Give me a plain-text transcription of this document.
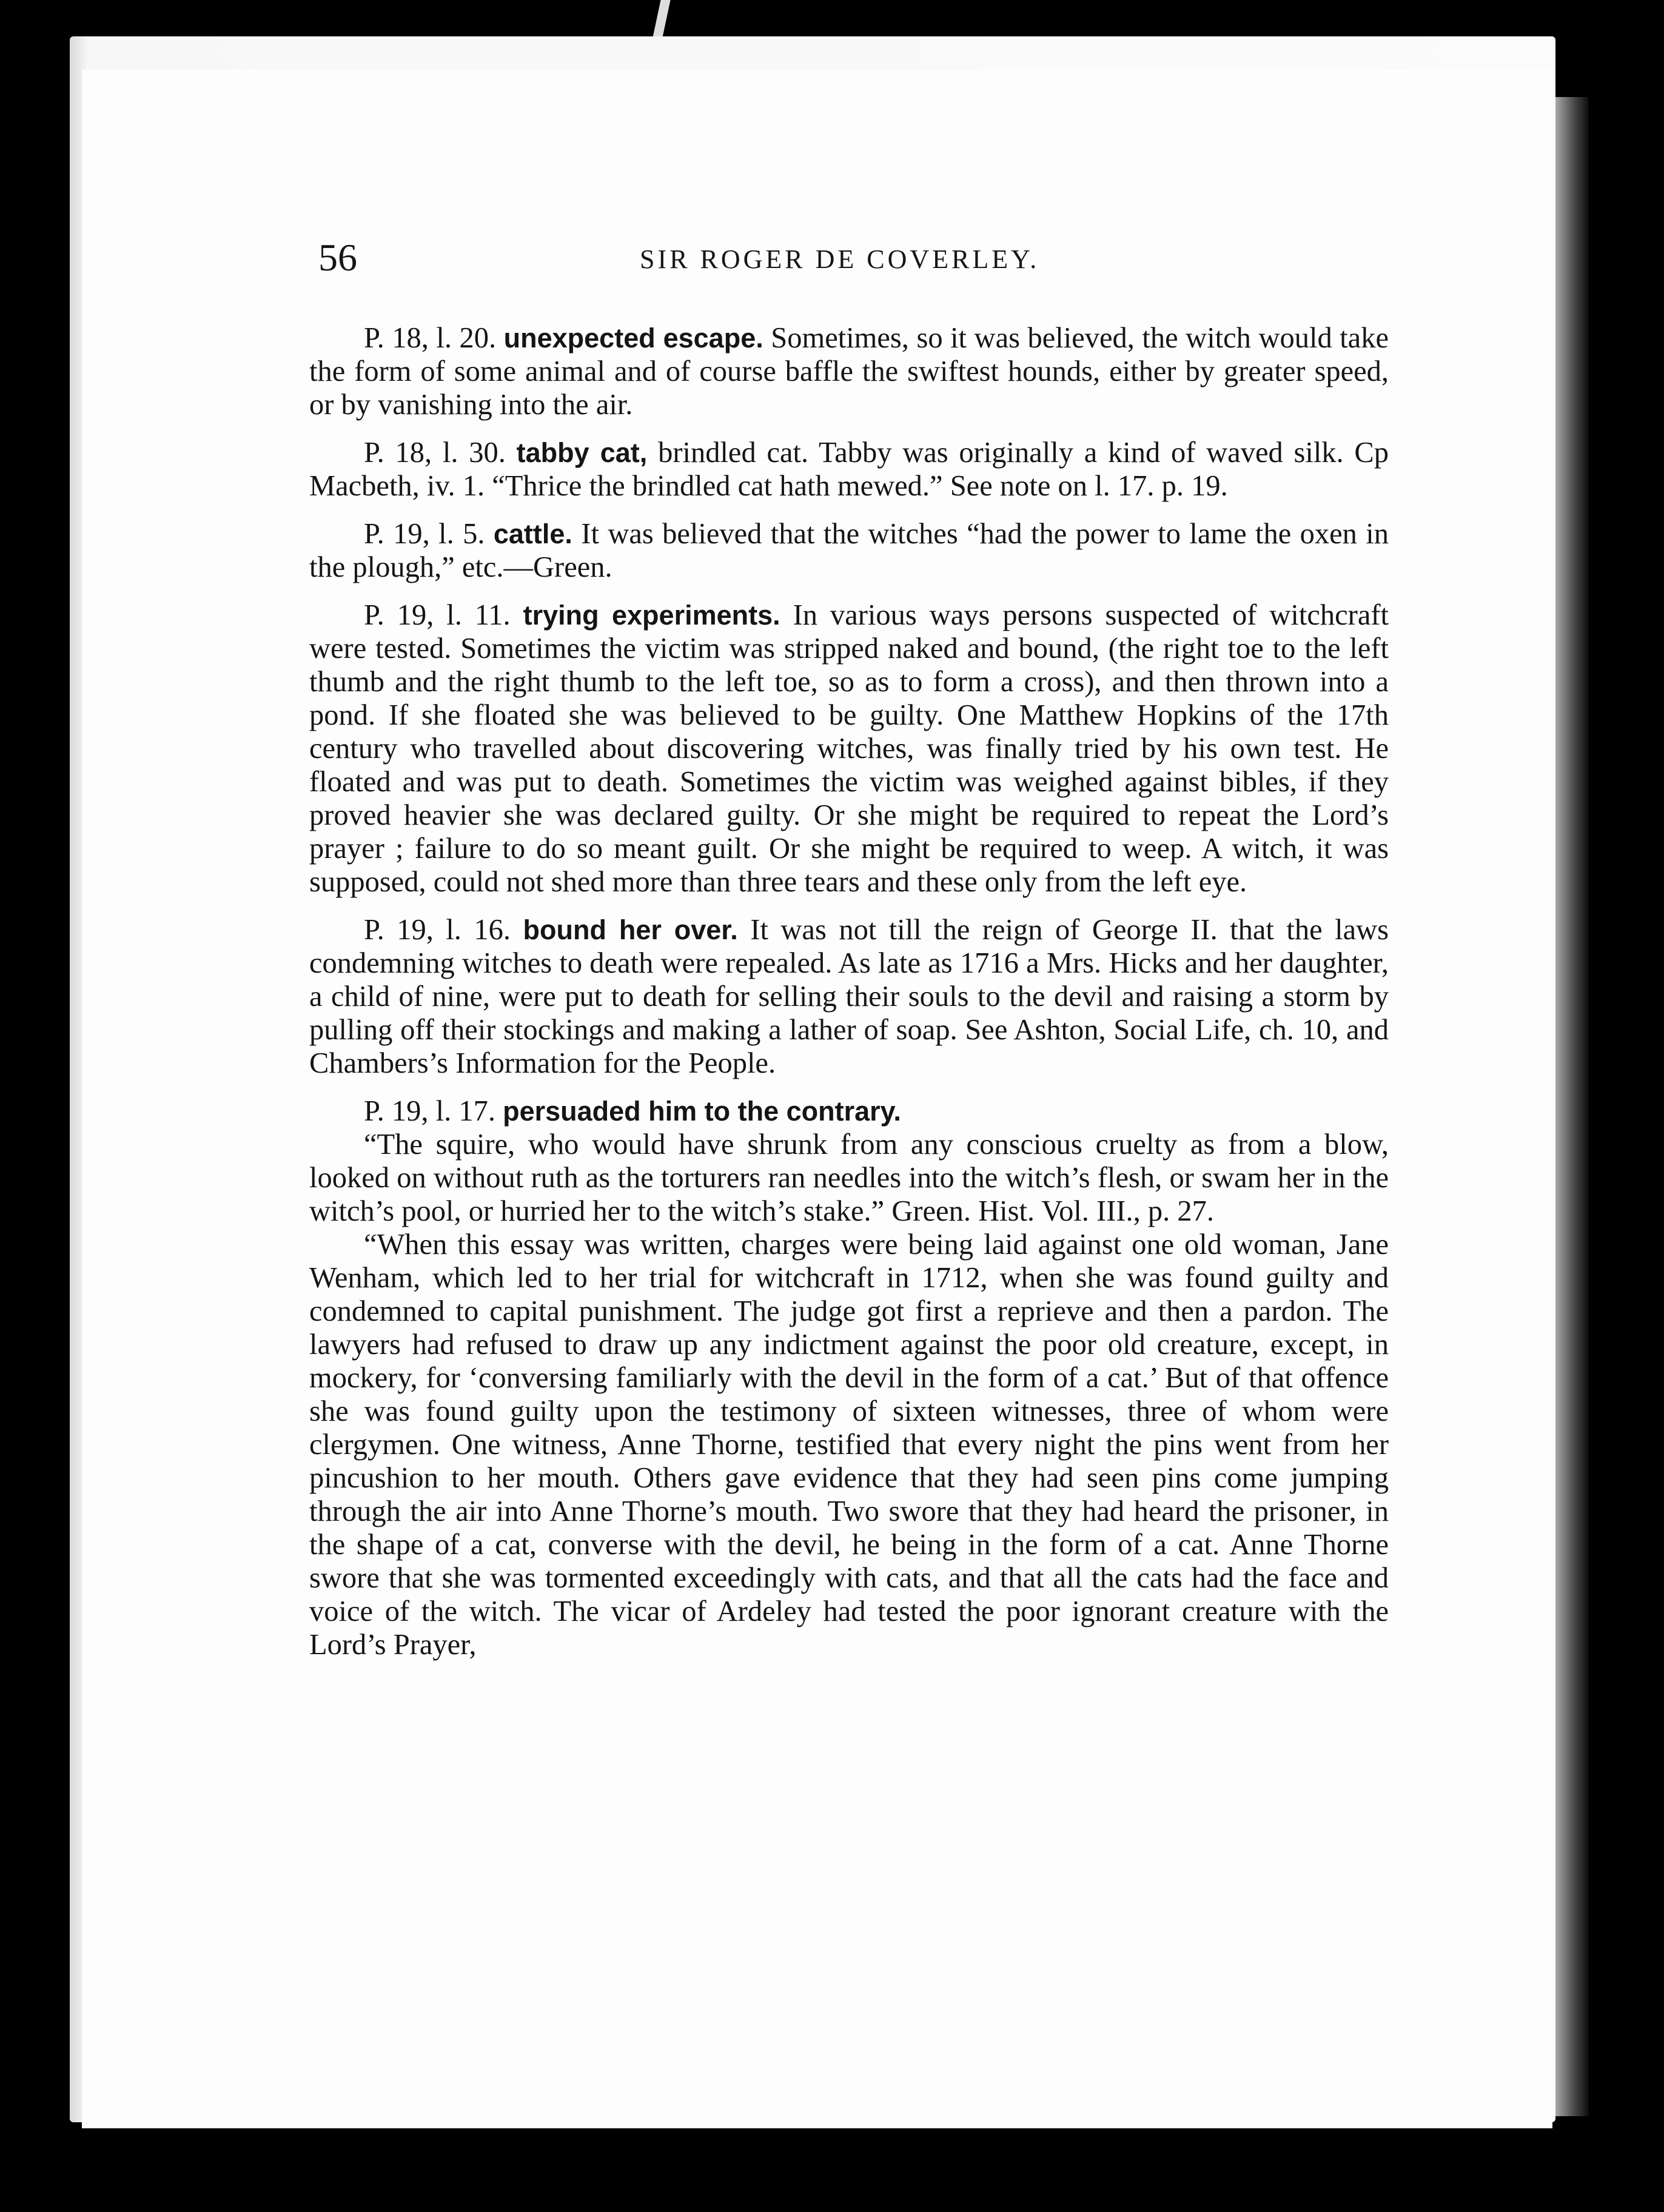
56	SIR ROGER DE COVERLEY.

P. 18, l. 20. unexpected escape. Sometimes, so it was believed, the witch would take the form of some animal and of course baffle the swiftest hounds, either by greater speed, or by vanishing into the air.

P. 18, l. 30. tabby cat, brindled cat. Tabby was originally a kind of waved silk. Cp Macbeth, iv. 1. “Thrice the brindled cat hath mewed.” See note on l. 17. p. 19.

P. 19, l. 5. cattle. It was believed that the witches “had the power to lame the oxen in the plough,” etc.—Green.

P. 19, l. 11. trying experiments. In various ways persons suspected of witchcraft were tested. Sometimes the victim was stripped naked and bound, (the right toe to the left thumb and the right thumb to the left toe, so as to form a cross), and then thrown into a pond. If she floated she was believed to be guilty. One Matthew Hopkins of the 17th century who travelled about discovering witches, was finally tried by his own test. He floated and was put to death. Sometimes the victim was weighed against bibles, if they proved heavier she was declared guilty. Or she might be required to repeat the Lord’s prayer ; failure to do so meant guilt. Or she might be required to weep. A witch, it was supposed, could not shed more than three tears and these only from the left eye.

P. 19, l. 16. bound her over. It was not till the reign of George II. that the laws condemning witches to death were repealed. As late as 1716 a Mrs. Hicks and her daughter, a child of nine, were put to death for selling their souls to the devil and raising a storm by pulling off their stockings and making a lather of soap. See Ashton, Social Life, ch. 10, and Chambers’s Information for the People.

P. 19, l. 17. persuaded him to the contrary.

“The squire, who would have shrunk from any conscious cruelty as from a blow, looked on without ruth as the torturers ran needles into the witch’s flesh, or swam her in the witch’s pool, or hurried her to the witch’s stake.” Green. Hist. Vol. III., p. 27.

“When this essay was written, charges were being laid against one old woman, Jane Wenham, which led to her trial for witchcraft in 1712, when she was found guilty and condemned to capital punishment. The judge got first a reprieve and then a pardon. The lawyers had refused to draw up any indictment against the poor old creature, except, in mockery, for ‘conversing familiarly with the devil in the form of a cat.’ But of that offence she was found guilty upon the testimony of sixteen witnesses, three of whom were clergymen. One witness, Anne Thorne, testified that every night the pins went from her pincushion to her mouth. Others gave evidence that they had seen pins come jumping through the air into Anne Thorne’s mouth. Two swore that they had heard the prisoner, in the shape of a cat, converse with the devil, he being in the form of a cat. Anne Thorne swore that she was tormented exceedingly with cats, and that all the cats had the face and voice of the witch. The vicar of Ardeley had tested the poor ignorant creature with the Lord’s Prayer,
